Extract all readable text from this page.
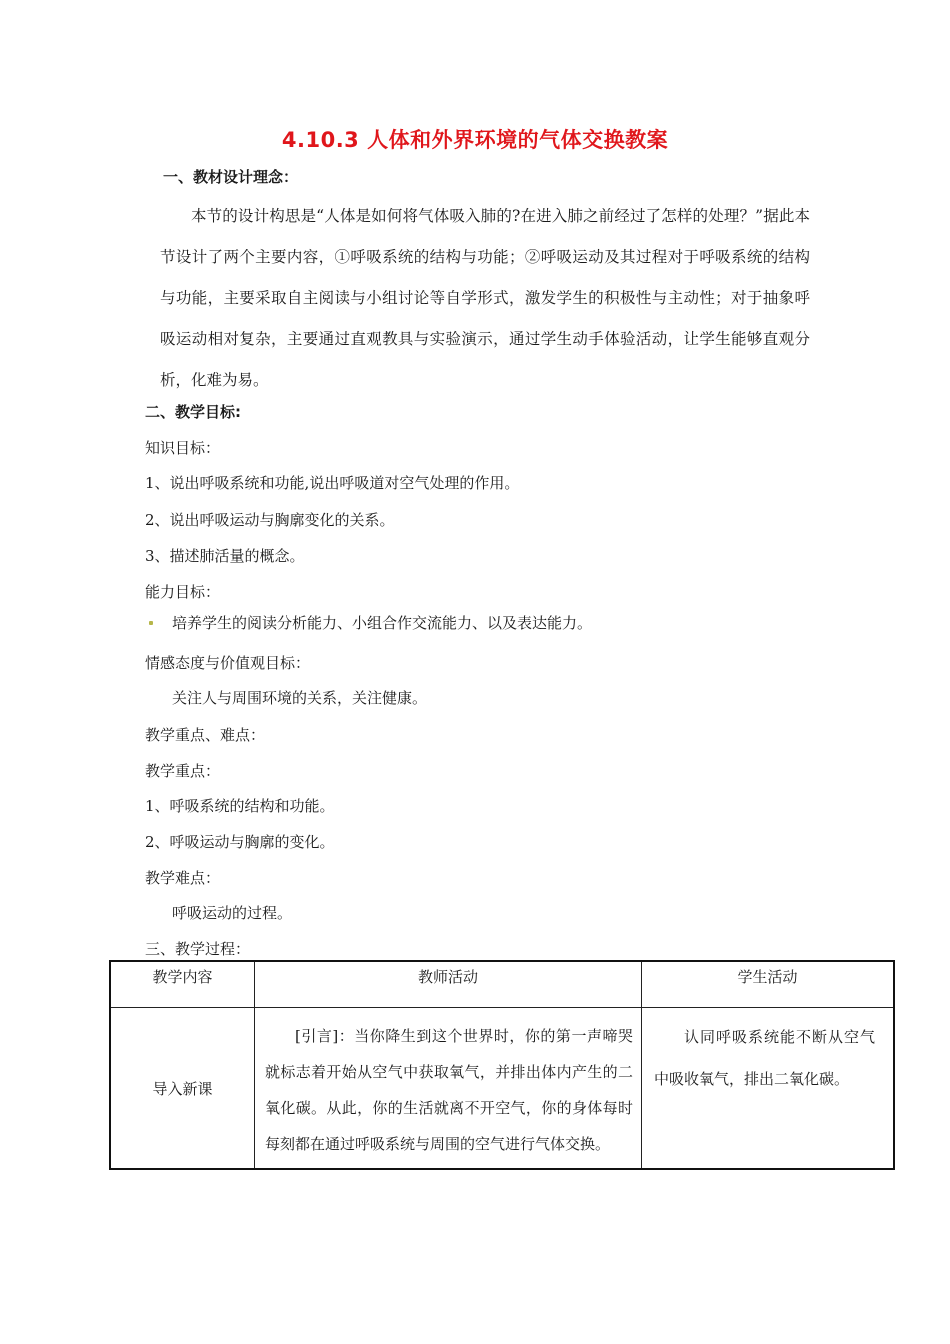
4.10.3 人体和外界环境的气体交换教案
一、教材设计理念：

本节的设计构思是“人体是如何将气体吸入肺的?在进入肺之前经过了怎样的处理？”据此本节设计了两个主要内容，①呼吸系统的结构与功能；②呼吸运动及其过程对于呼吸系统的结构与功能，主要采取自主阅读与小组讨论等自学形式，激发学生的积极性与主动性；对于抽象呼吸运动相对复杂，主要通过直观教具与实验演示，通过学生动手体验活动，让学生能够直观分析，化难为易。

二、教学目标:
知识目标：
1、说出呼吸系统和功能,说出呼吸道对空气处理的作用。
2、说出呼吸运动与胸廓变化的关系。
3、描述肺活量的概念。
能力目标：
培养学生的阅读分析能力、小组合作交流能力、以及表达能力。
情感态度与价值观目标：
关注人与周围环境的关系，关注健康。
教学重点、难点：
教学重点：
1、呼吸系统的结构和功能。
2、呼吸运动与胸廓的变化。
教学难点：
呼吸运动的过程。
三、教学过程：
教学内容	教师活动	学生活动
导入新课	[引言]：当你降生到这个世界时，你的第一声啼哭就标志着开始从空气中获取氧气，并排出体内产生的二氧化碳。从此，你的生活就离不开空气，你的身体每时每刻都在通过呼吸系统与周围的空气进行气体交换。	认同呼吸系统能不断从空气中吸收氧气，排出二氧化碳。
